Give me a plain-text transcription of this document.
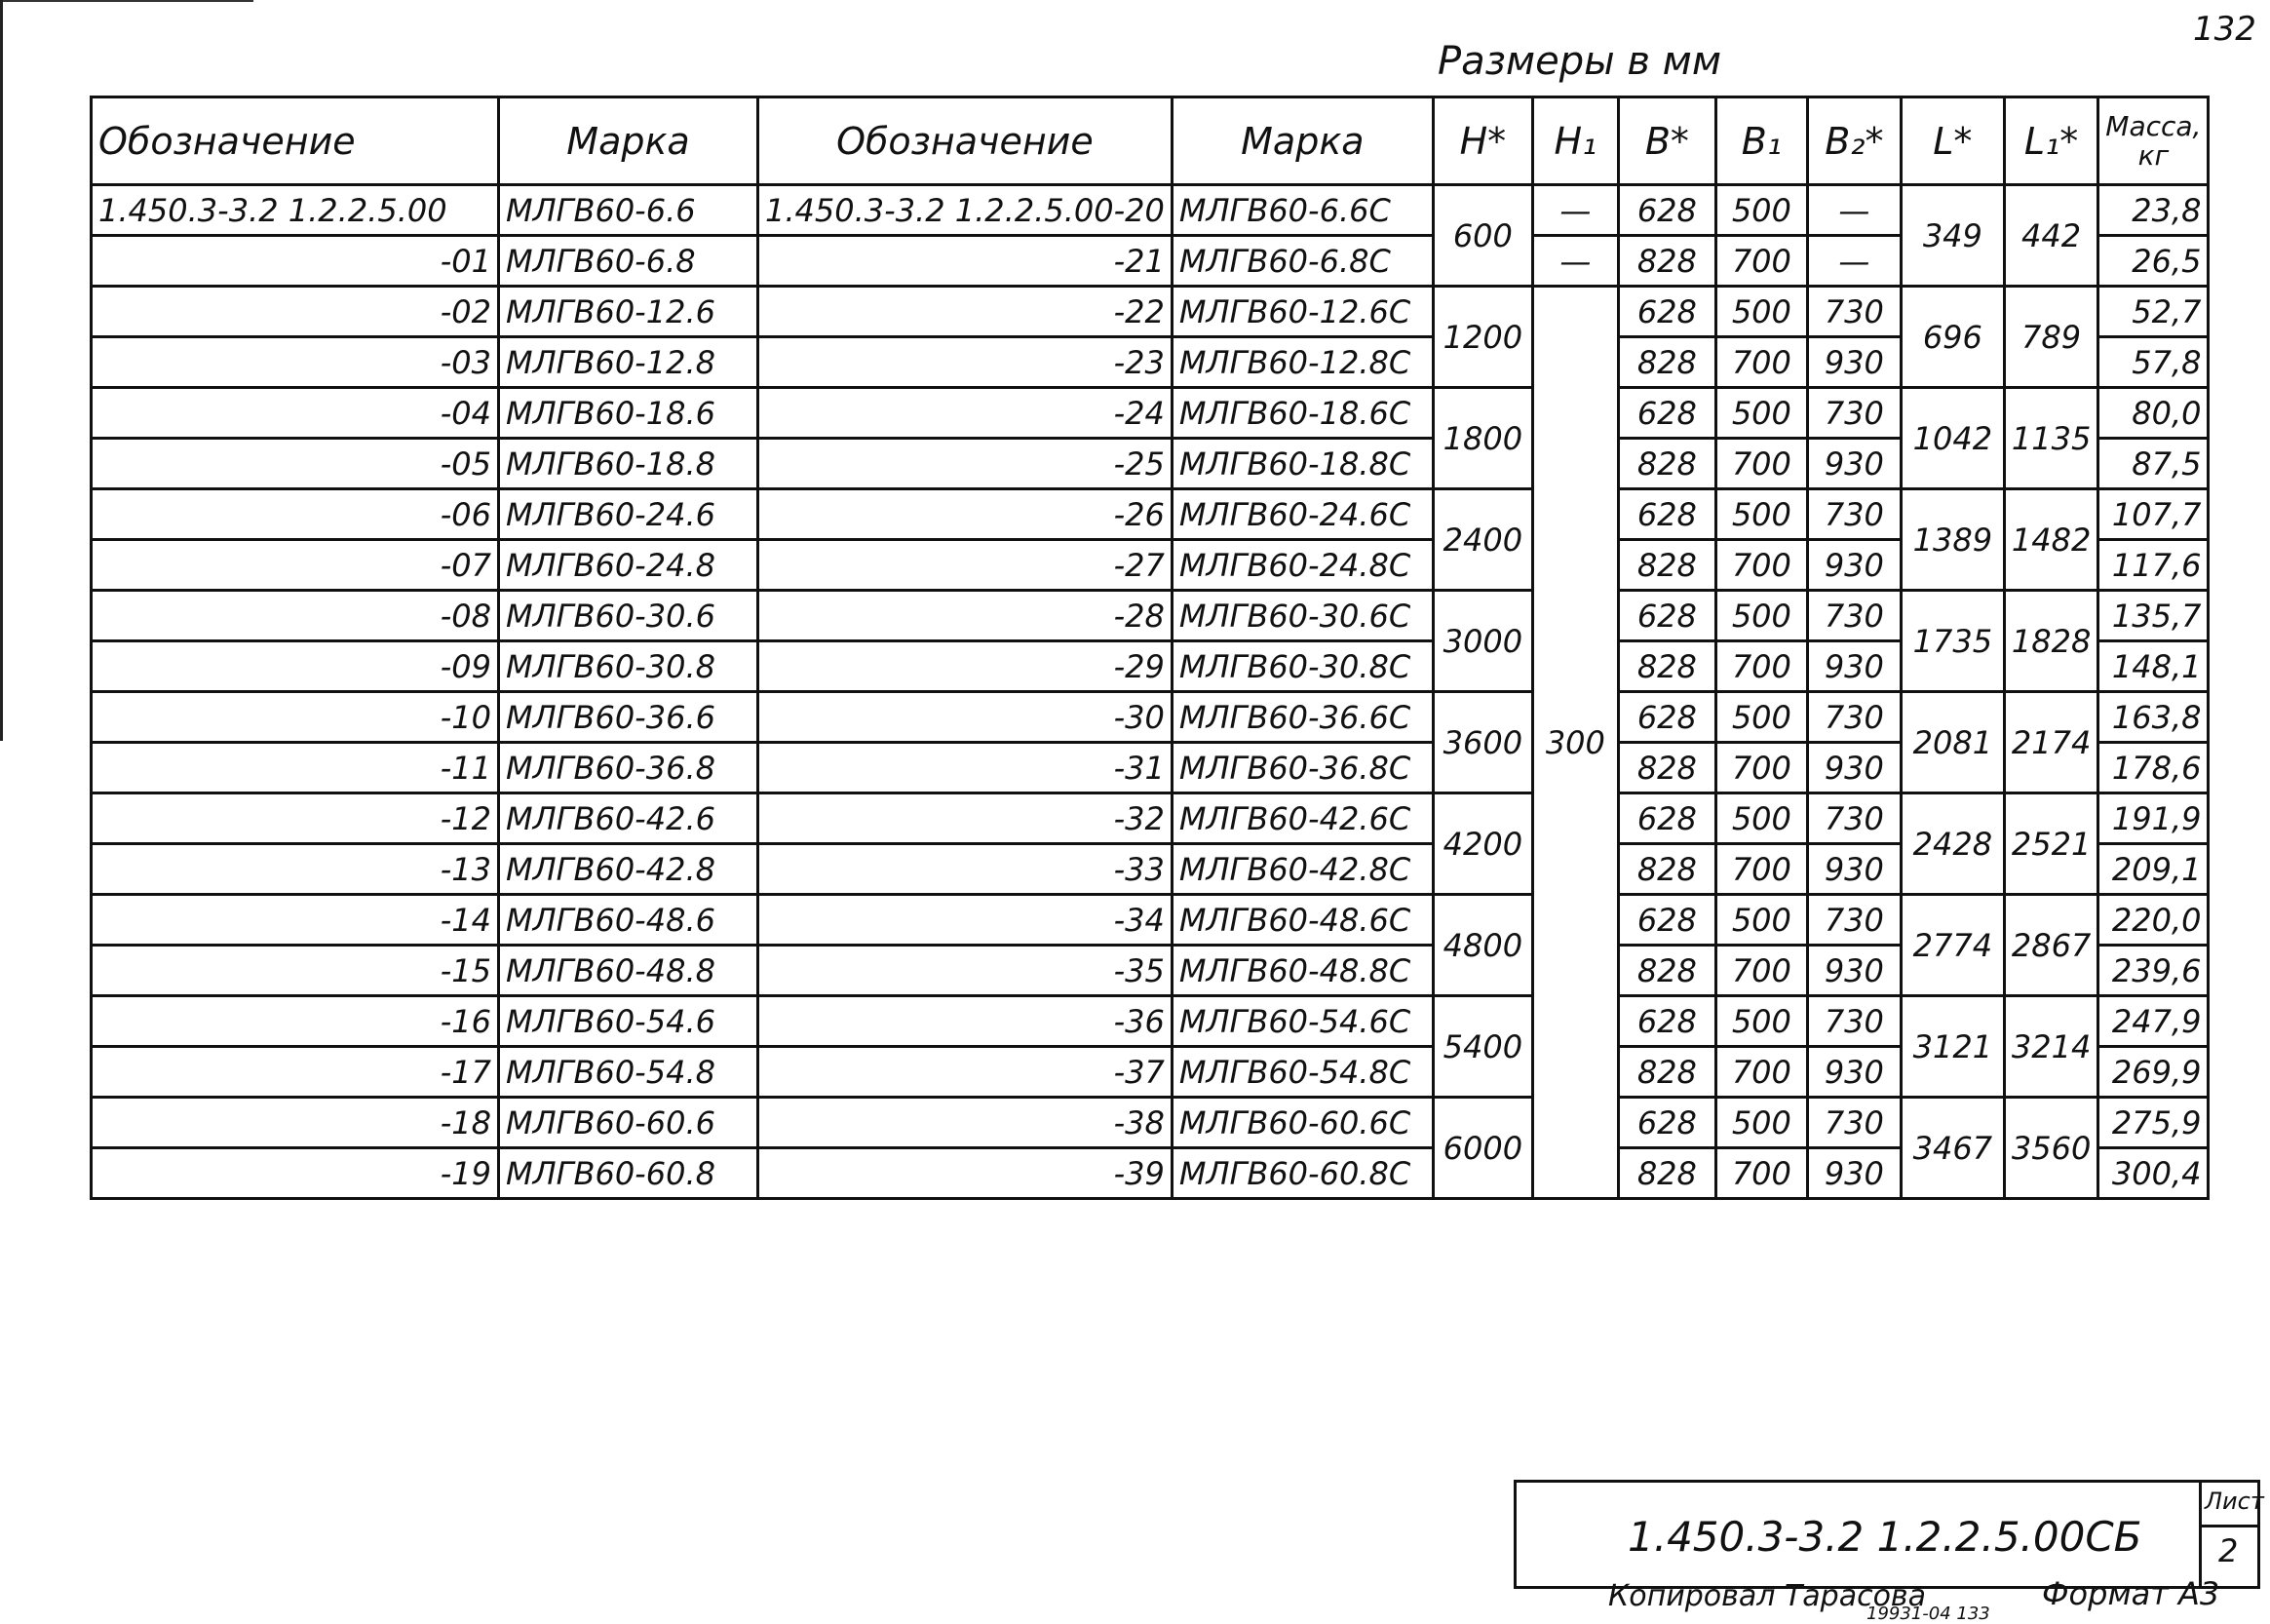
132
Размеры в мм
Обозначение	Марка	Обозначение	Марка	H*	H₁	B*	B₁	B₂*	L*	L₁*	Масса, кг
1.450.3-3.2 1.2.2.5.00	МЛГВ60-6.6	1.450.3-3.2 1.2.2.5.00-20	МЛГВ60-6.6С	600	—	628	500	—	349	442	23,8
-01	МЛГВ60-6.8	-21	МЛГВ60-6.8С		—	828	700	—			26,5
-02	МЛГВ60-12.6	-22	МЛГВ60-12.6С	1200	300	628	500	730	696	789	52,7
-03	МЛГВ60-12.8	-23	МЛГВ60-12.8С			828	700	930			57,8
-04	МЛГВ60-18.6	-24	МЛГВ60-18.6С	1800		628	500	730	1042	1135	80,0
-05	МЛГВ60-18.8	-25	МЛГВ60-18.8С			828	700	930			87,5
-06	МЛГВ60-24.6	-26	МЛГВ60-24.6С	2400		628	500	730	1389	1482	107,7
-07	МЛГВ60-24.8	-27	МЛГВ60-24.8С			828	700	930			117,6
-08	МЛГВ60-30.6	-28	МЛГВ60-30.6С	3000		628	500	730	1735	1828	135,7
-09	МЛГВ60-30.8	-29	МЛГВ60-30.8С			828	700	930			148,1
-10	МЛГВ60-36.6	-30	МЛГВ60-36.6С	3600		628	500	730	2081	2174	163,8
-11	МЛГВ60-36.8	-31	МЛГВ60-36.8С			828	700	930			178,6
-12	МЛГВ60-42.6	-32	МЛГВ60-42.6С	4200		628	500	730	2428	2521	191,9
-13	МЛГВ60-42.8	-33	МЛГВ60-42.8С			828	700	930			209,1
-14	МЛГВ60-48.6	-34	МЛГВ60-48.6С	4800		628	500	730	2774	2867	220,0
-15	МЛГВ60-48.8	-35	МЛГВ60-48.8С			828	700	930			239,6
-16	МЛГВ60-54.6	-36	МЛГВ60-54.6С	5400		628	500	730	3121	3214	247,9
-17	МЛГВ60-54.8	-37	МЛГВ60-54.8С			828	700	930			269,9
-18	МЛГВ60-60.6	-38	МЛГВ60-60.6С	6000		628	500	730	3467	3560	275,9
-19	МЛГВ60-60.8	-39	МЛГВ60-60.8С			828	700	930			300,4
Лист
2
1.450.3-3.2 1.2.2.5.00СБ
Копировал Тарасова	Формат А3
19931-04 133
